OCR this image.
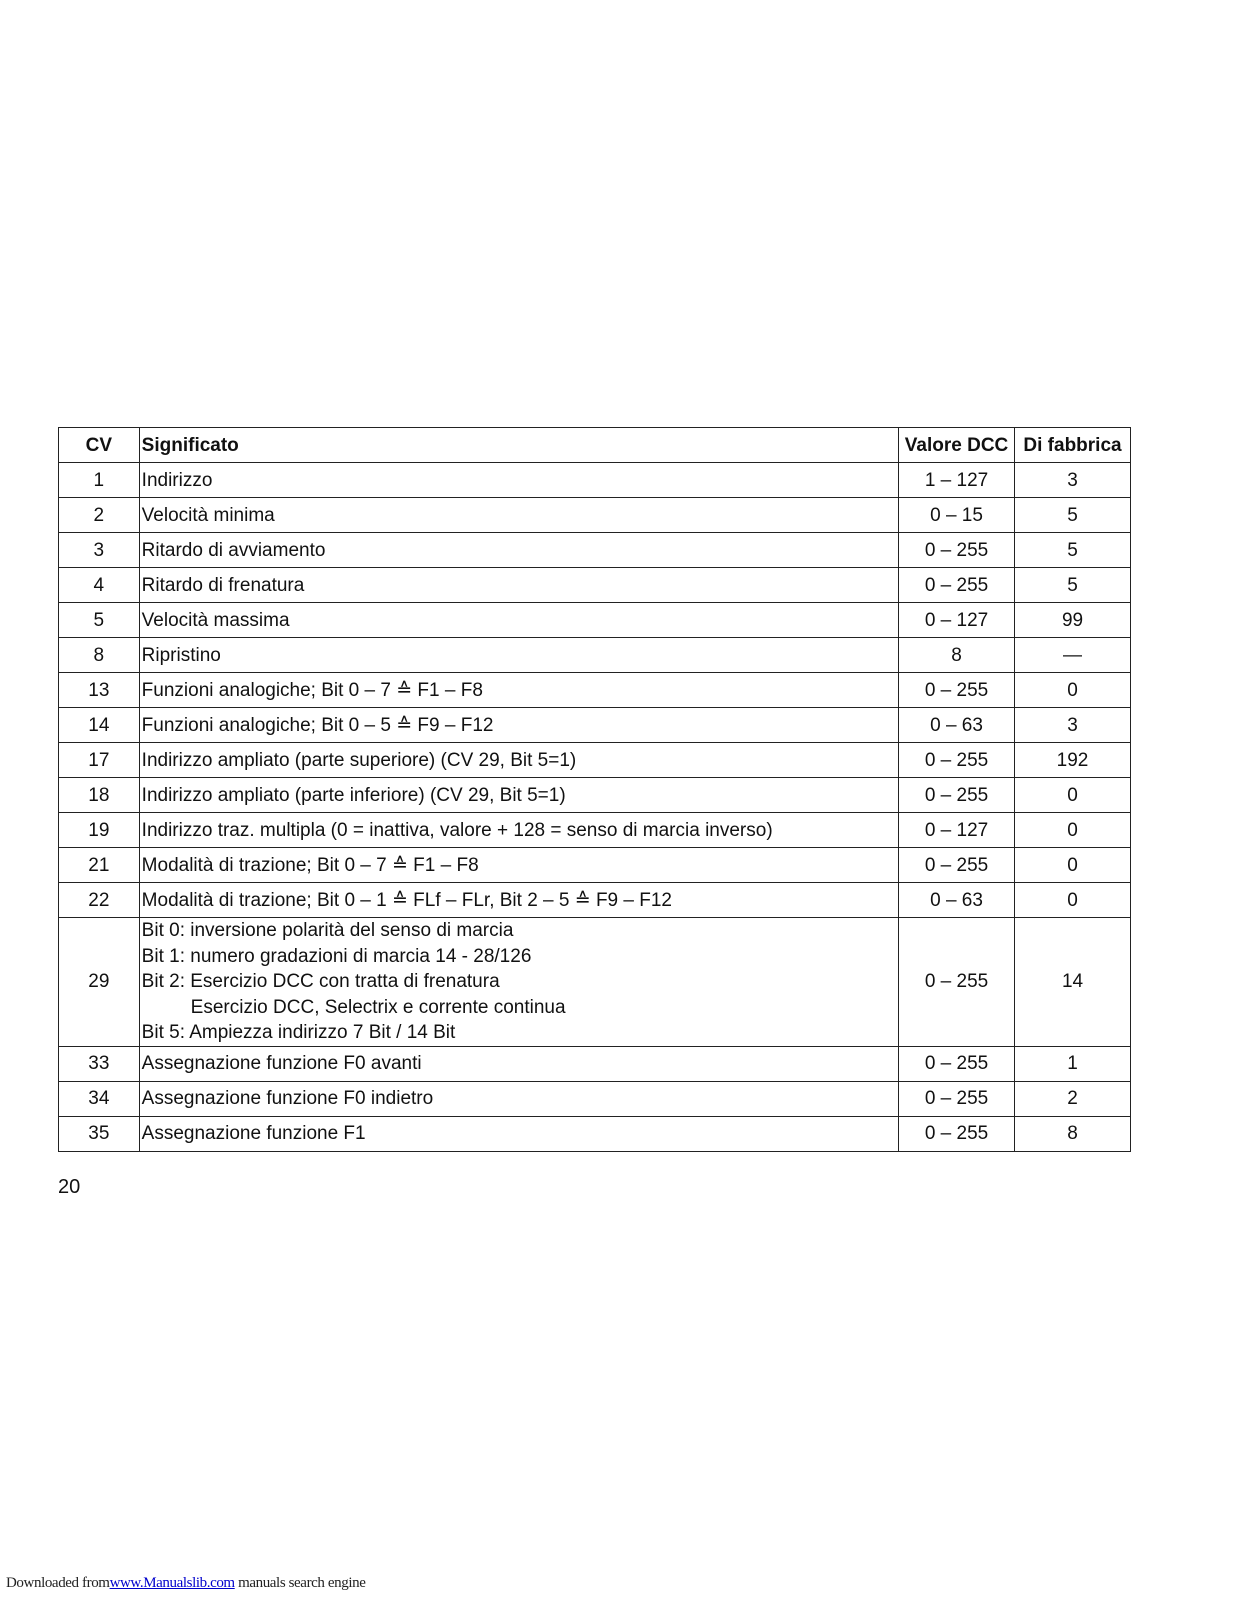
CV	Significato	Valore DCC	Di fabbrica
1	Indirizzo	1 – 127	3
2	Velocità minima	0 – 15	5
3	Ritardo di avviamento	0 – 255	5
4	Ritardo di frenatura	0 – 255	5
5	Velocità massima	0 – 127	99
8	Ripristino	8	—
13	Funzioni analogiche; Bit 0 – 7 ≙ F1 – F8	0 – 255	0
14	Funzioni analogiche; Bit 0 – 5 ≙ F9 – F12	0 – 63	3
17	Indirizzo ampliato (parte superiore) (CV 29, Bit 5=1)	0 – 255	192
18	Indirizzo ampliato (parte inferiore) (CV 29, Bit 5=1)	0 – 255	0
19	Indirizzo traz. multipla (0 = inattiva, valore + 128 = senso di marcia inverso)	0 – 127	0
21	Modalità di trazione; Bit 0 – 7 ≙ F1 – F8	0 – 255	0
22	Modalità di trazione; Bit 0 – 1 ≙ FLf – FLr, Bit 2 – 5 ≙ F9 – F12	0 – 63	0
29	Bit 0: inversione polarità del senso di marcia
Bit 1: numero gradazioni di marcia 14 - 28/126
Bit 2: Esercizio DCC con tratta di frenatura
Esercizio DCC, Selectrix e corrente continua
Bit 5: Ampiezza indirizzo 7 Bit / 14 Bit	0 – 255	14
33	Assegnazione funzione F0 avanti	0 – 255	1
34	Assegnazione funzione F0 indietro	0 – 255	2
35	Assegnazione funzione F1	0 – 255	8
20
Downloaded fromwww.Manualslib.com manuals search engine
